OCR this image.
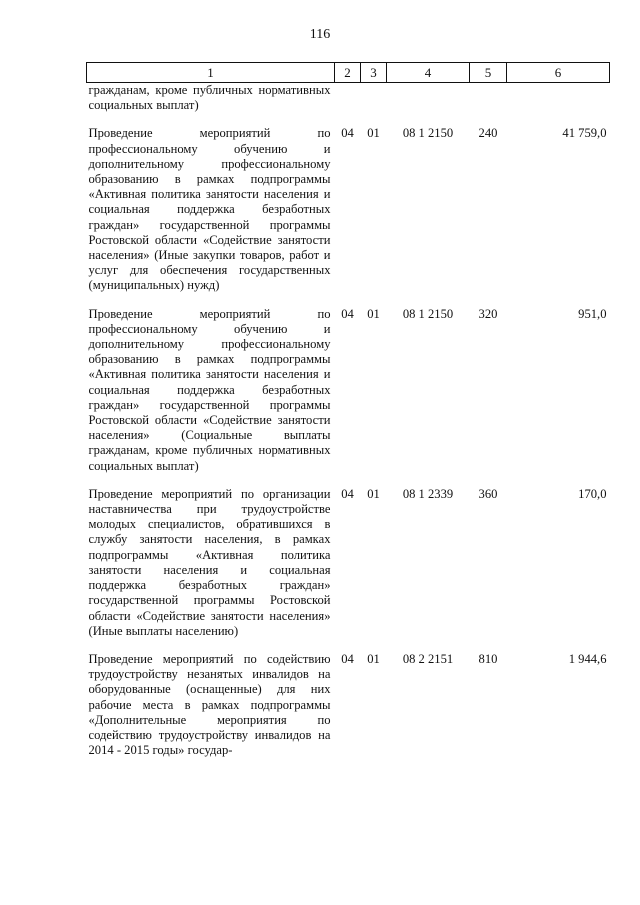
116
1	2	3	4	5	6
гражданам, кроме публичных нормативных социальных выплат)					

Проведение мероприятий по профессиональному обучению и дополнительному профессиональному образованию в рамках подпрограммы «Активная политика занятости населения и социальная поддержка безработных граждан» государственной программы Ростовской области «Содействие занятости населения» (Иные закупки товаров, работ и услуг для обеспечения государственных (муниципальных) нужд)	04	01	08 1 2150	240	41 759,0

Проведение мероприятий по профессиональному обучению и дополнительному профессиональному образованию в рамках подпрограммы «Активная политика занятости населения и социальная поддержка безработных граждан» государственной программы Ростовской области «Содействие занятости населения» (Социальные выплаты гражданам, кроме публичных нормативных социальных выплат)	04	01	08 1 2150	320	951,0

Проведение мероприятий по организации наставничества при трудоустройстве молодых специалистов, обратившихся в службу занятости населения, в рамках подпрограммы «Активная политика занятости населения и социальная поддержка безработных граждан» государственной программы Ростовской области «Содействие занятости населения» (Иные выплаты населению)	04	01	08 1 2339	360	170,0

Проведение мероприятий по содействию трудоустройству незанятых инвалидов на оборудованные (оснащенные) для них рабочие места в рамках подпрограммы «Дополнительные мероприятия по содействию трудоустройству инвалидов на 2014 - 2015 годы» государ-	04	01	08 2 2151	810	1 944,6
